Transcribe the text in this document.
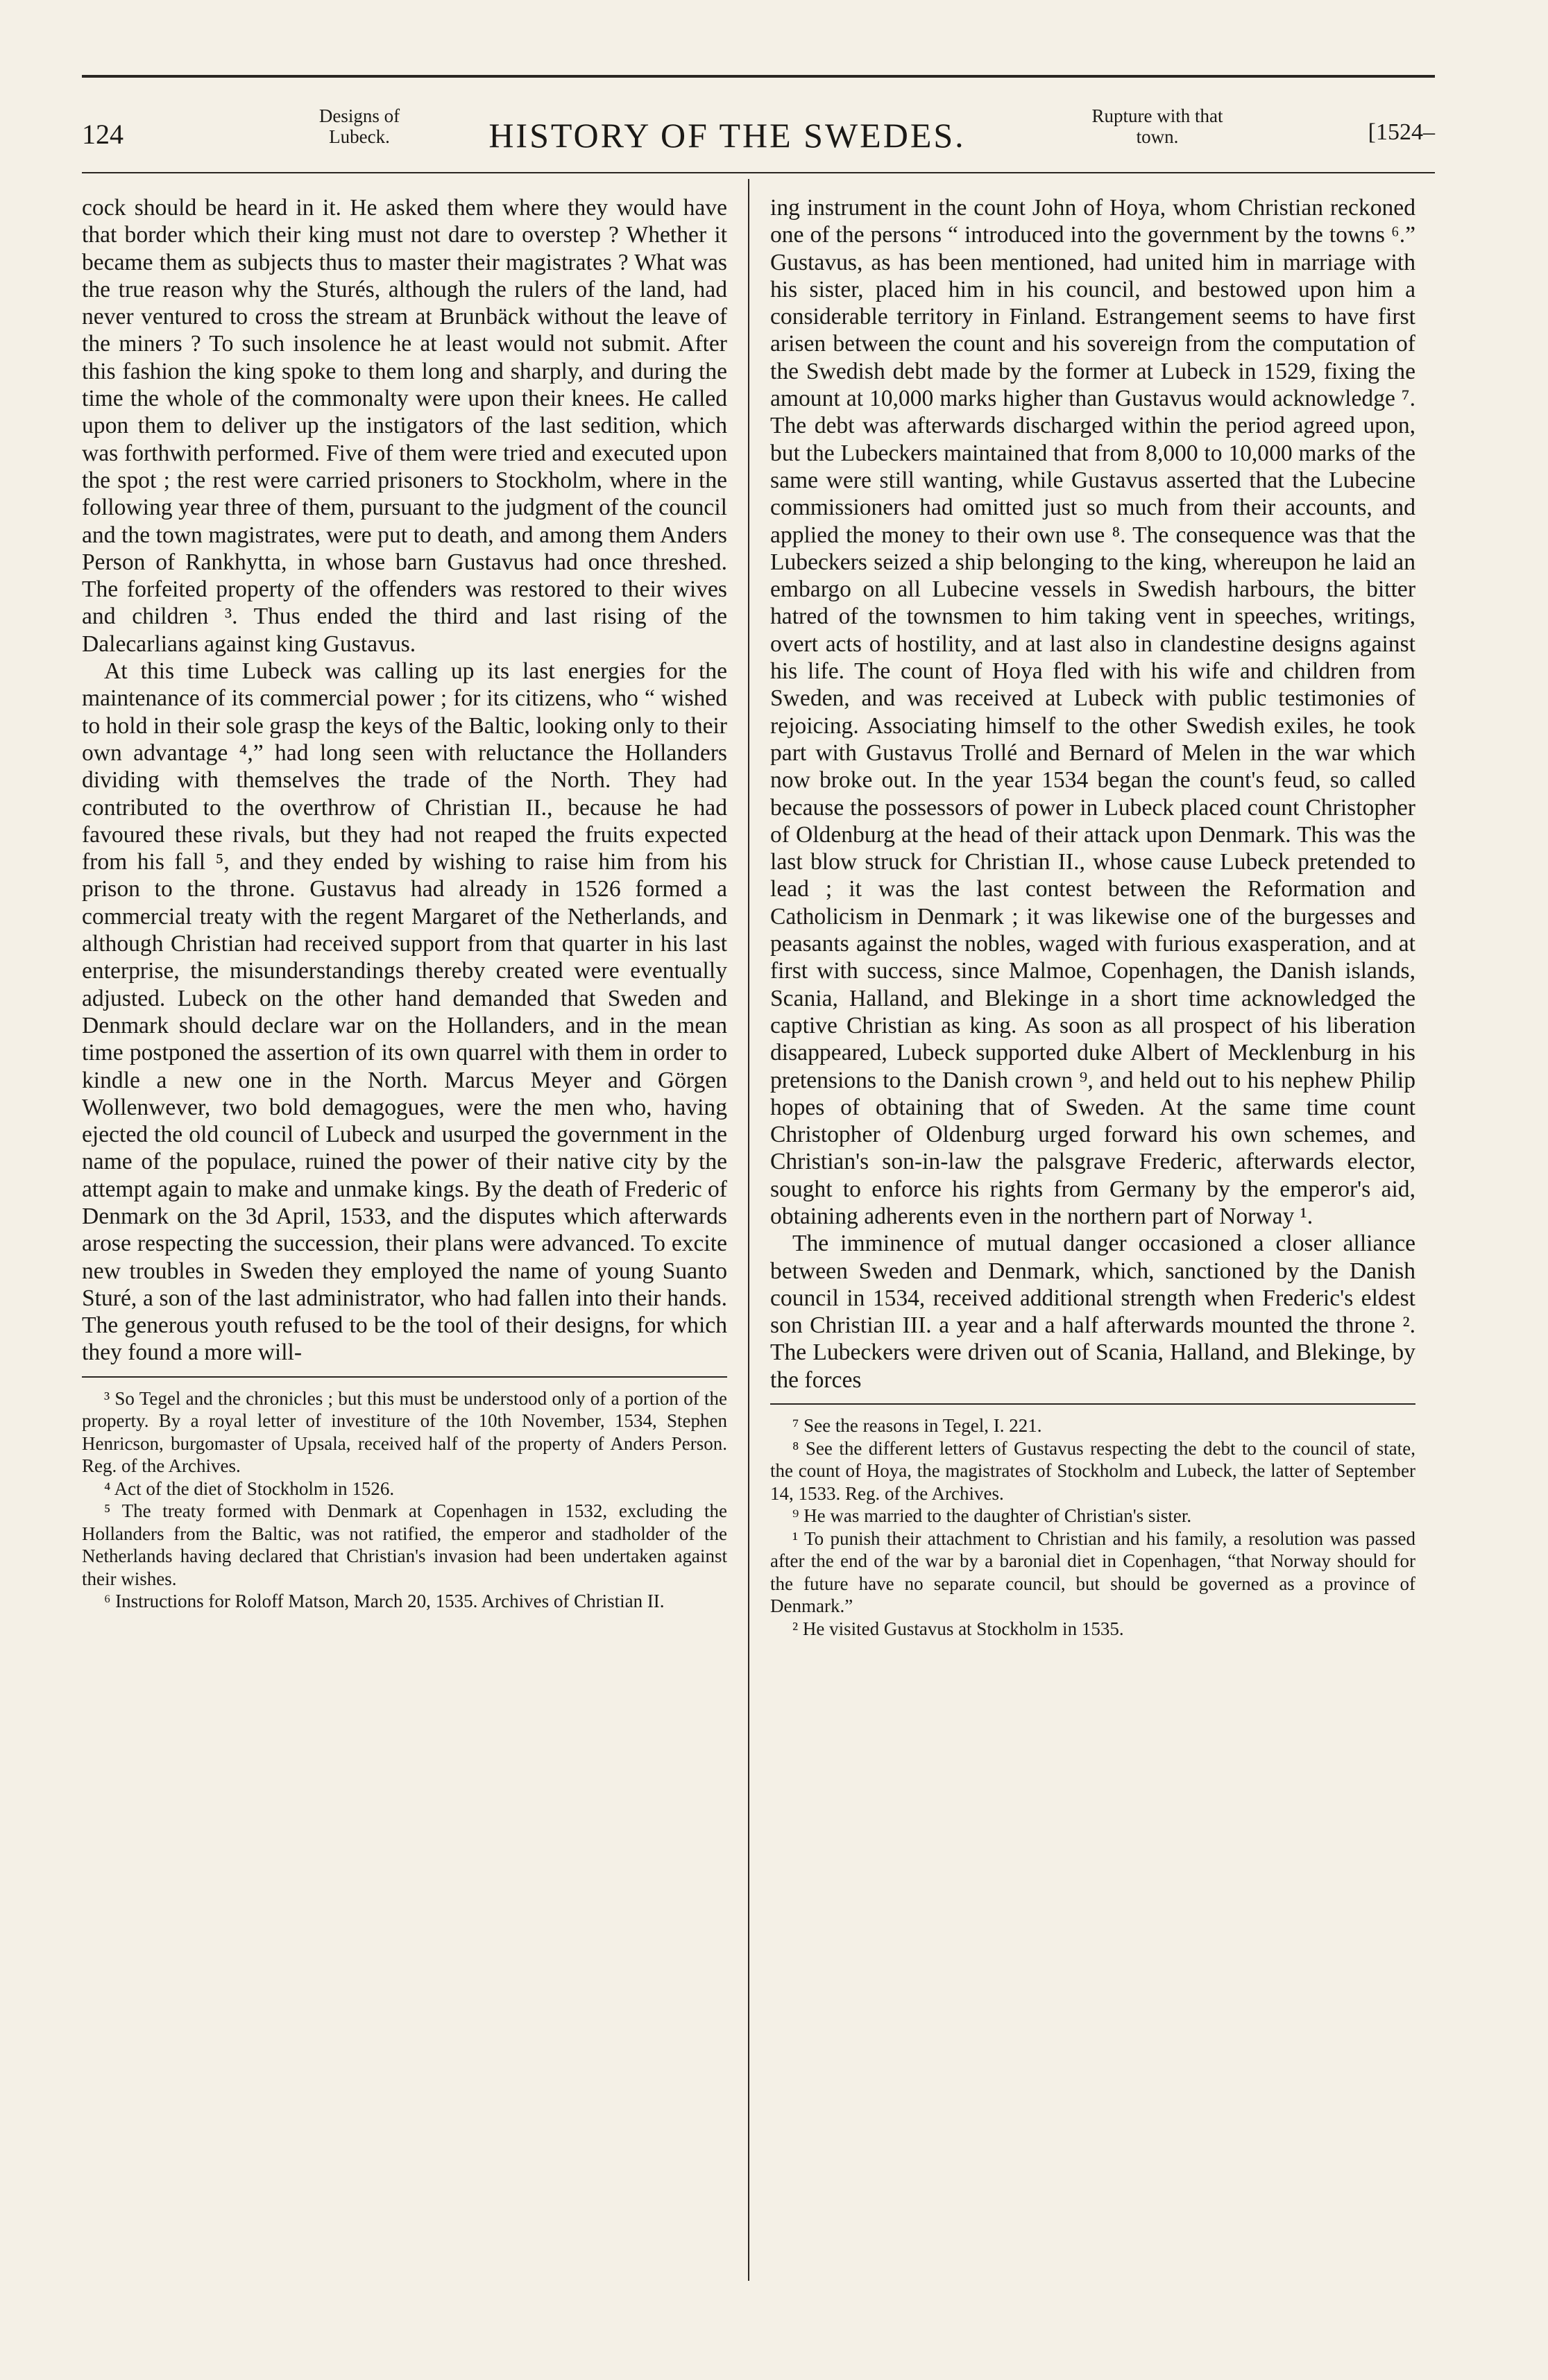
124
Designs of
Lubeck.	HISTORY OF THE SWEDES.	Rupture with that
town.	[1524–

cock should be heard in it. He asked them where they would have that border which their king must not dare to overstep ? Whether it became them as subjects thus to master their magistrates ? What was the true reason why the Sturés, although the rulers of the land, had never ventured to cross the stream at Brunbäck without the leave of the miners ? To such insolence he at least would not submit. After this fashion the king spoke to them long and sharply, and during the time the whole of the commonalty were upon their knees. He called upon them to deliver up the instigators of the last sedition, which was forthwith performed. Five of them were tried and executed upon the spot ; the rest were carried prisoners to Stockholm, where in the following year three of them, pursuant to the judgment of the council and the town magistrates, were put to death, and among them Anders Person of Rankhytta, in whose barn Gustavus had once threshed. The forfeited property of the offenders was restored to their wives and children ³. Thus ended the third and last rising of the Dalecarlians against king Gustavus.

At this time Lubeck was calling up its last energies for the maintenance of its commercial power ; for its citizens, who “ wished to hold in their sole grasp the keys of the Baltic, looking only to their own advantage ⁴,” had long seen with reluctance the Hollanders dividing with themselves the trade of the North. They had contributed to the overthrow of Christian II., because he had favoured these rivals, but they had not reaped the fruits expected from his fall ⁵, and they ended by wishing to raise him from his prison to the throne. Gustavus had already in 1526 formed a commercial treaty with the regent Margaret of the Netherlands, and although Christian had received support from that quarter in his last enterprise, the misunderstandings thereby created were eventually adjusted. Lubeck on the other hand demanded that Sweden and Denmark should declare war on the Hollanders, and in the mean time postponed the assertion of its own quarrel with them in order to kindle a new one in the North. Marcus Meyer and Görgen Wollenwever, two bold demagogues, were the men who, having ejected the old council of Lubeck and usurped the government in the name of the populace, ruined the power of their native city by the attempt again to make and unmake kings. By the death of Frederic of Denmark on the 3d April, 1533, and the disputes which afterwards arose respecting the succession, their plans were advanced. To excite new troubles in Sweden they employed the name of young Suanto Sturé, a son of the last administrator, who had fallen into their hands. The generous youth refused to be the tool of their designs, for which they found a more will-

³ So Tegel and the chronicles ; but this must be understood only of a portion of the property. By a royal letter of investiture of the 10th November, 1534, Stephen Henricson, burgomaster of Upsala, received half of the property of Anders Person. Reg. of the Archives.

⁴ Act of the diet of Stockholm in 1526.

⁵ The treaty formed with Denmark at Copenhagen in 1532, excluding the Hollanders from the Baltic, was not ratified, the emperor and stadholder of the Netherlands having declared that Christian's invasion had been undertaken against their wishes.

⁶ Instructions for Roloff Matson, March 20, 1535. Archives of Christian II.

ing instrument in the count John of Hoya, whom Christian reckoned one of the persons “ introduced into the government by the towns ⁶.” Gustavus, as has been mentioned, had united him in marriage with his sister, placed him in his council, and bestowed upon him a considerable territory in Finland. Estrangement seems to have first arisen between the count and his sovereign from the computation of the Swedish debt made by the former at Lubeck in 1529, fixing the amount at 10,000 marks higher than Gustavus would acknowledge ⁷. The debt was afterwards discharged within the period agreed upon, but the Lubeckers maintained that from 8,000 to 10,000 marks of the same were still wanting, while Gustavus asserted that the Lubecine commissioners had omitted just so much from their accounts, and applied the money to their own use ⁸. The consequence was that the Lubeckers seized a ship belonging to the king, whereupon he laid an embargo on all Lubecine vessels in Swedish harbours, the bitter hatred of the townsmen to him taking vent in speeches, writings, overt acts of hostility, and at last also in clandestine designs against his life. The count of Hoya fled with his wife and children from Sweden, and was received at Lubeck with public testimonies of rejoicing. Associating himself to the other Swedish exiles, he took part with Gustavus Trollé and Bernard of Melen in the war which now broke out. In the year 1534 began the count's feud, so called because the possessors of power in Lubeck placed count Christopher of Oldenburg at the head of their attack upon Denmark. This was the last blow struck for Christian II., whose cause Lubeck pretended to lead ; it was the last contest between the Reformation and Catholicism in Denmark ; it was likewise one of the burgesses and peasants against the nobles, waged with furious exasperation, and at first with success, since Malmoe, Copenhagen, the Danish islands, Scania, Halland, and Blekinge in a short time acknowledged the captive Christian as king. As soon as all prospect of his liberation disappeared, Lubeck supported duke Albert of Mecklenburg in his pretensions to the Danish crown ⁹, and held out to his nephew Philip hopes of obtaining that of Sweden. At the same time count Christopher of Oldenburg urged forward his own schemes, and Christian's son-in-law the palsgrave Frederic, afterwards elector, sought to enforce his rights from Germany by the emperor's aid, obtaining adherents even in the northern part of Norway ¹.

The imminence of mutual danger occasioned a closer alliance between Sweden and Denmark, which, sanctioned by the Danish council in 1534, received additional strength when Frederic's eldest son Christian III. a year and a half afterwards mounted the throne ². The Lubeckers were driven out of Scania, Halland, and Blekinge, by the forces

⁷ See the reasons in Tegel, I. 221.

⁸ See the different letters of Gustavus respecting the debt to the council of state, the count of Hoya, the magistrates of Stockholm and Lubeck, the latter of September 14, 1533. Reg. of the Archives.

⁹ He was married to the daughter of Christian's sister.

¹ To punish their attachment to Christian and his family, a resolution was passed after the end of the war by a baronial diet in Copenhagen, “that Norway should for the future have no separate council, but should be governed as a province of Denmark.”

² He visited Gustavus at Stockholm in 1535.
